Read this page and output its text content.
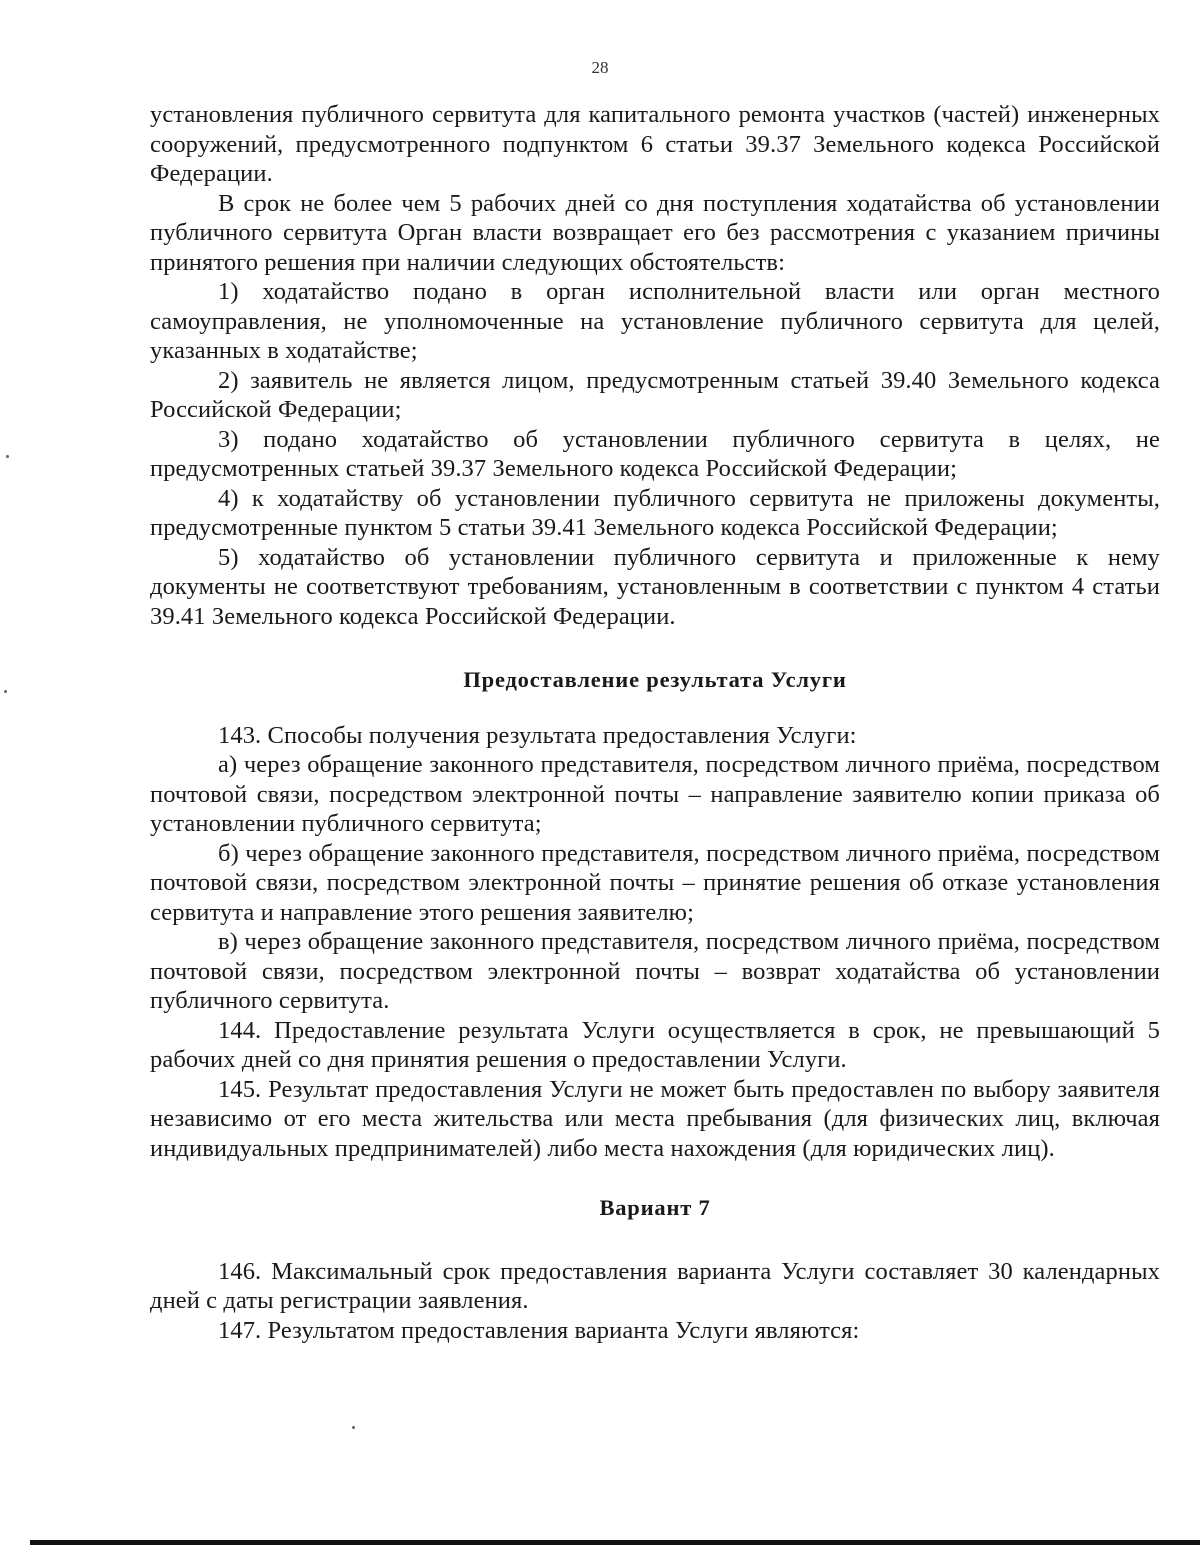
28

установления публичного сервитута для капитального ремонта участков (частей) инженерных сооружений, предусмотренного подпунктом 6 статьи 39.37 Земельного кодекса Российской Федерации.

В срок не более чем 5 рабочих дней со дня поступления ходатайства об установлении публичного сервитута Орган власти возвращает его без рассмотрения с указанием причины принятого решения при наличии следующих обстоятельств:

1) ходатайство подано в орган исполнительной власти или орган местного самоуправления, не уполномоченные на установление публичного сервитута для целей, указанных в ходатайстве;

2) заявитель не является лицом, предусмотренным статьей 39.40 Земельного кодекса Российской Федерации;

3) подано ходатайство об установлении публичного сервитута в целях, не предусмотренных статьей 39.37 Земельного кодекса Российской Федерации;

4) к ходатайству об установлении публичного сервитута не приложены документы, предусмотренные пунктом 5 статьи 39.41 Земельного кодекса Российской Федерации;

5) ходатайство об установлении публичного сервитута и приложенные к нему документы не соответствуют требованиям, установленным в соответствии с пунктом 4 статьи 39.41 Земельного кодекса Российской Федерации.

Предоставление результата Услуги

143. Способы получения результата предоставления Услуги:

а) через обращение законного представителя, посредством личного приёма, посредством почтовой связи, посредством электронной почты – направление заявителю копии приказа об установлении публичного сервитута;

б) через обращение законного представителя, посредством личного приёма, посредством почтовой связи, посредством электронной почты – принятие решения об отказе установления сервитута и направление этого решения заявителю;

в) через обращение законного представителя, посредством личного приёма, посредством почтовой связи, посредством электронной почты – возврат ходатайства об установлении публичного сервитута.

144. Предоставление результата Услуги осуществляется в срок, не превышающий 5 рабочих дней со дня принятия решения о предоставлении Услуги.

145. Результат предоставления Услуги не может быть предоставлен по выбору заявителя независимо от его места жительства или места пребывания (для физических лиц, включая индивидуальных предпринимателей) либо места нахождения (для юридических лиц).

Вариант 7

146. Максимальный срок предоставления варианта Услуги составляет 30 календарных дней с даты регистрации заявления.

147. Результатом предоставления варианта Услуги являются:
